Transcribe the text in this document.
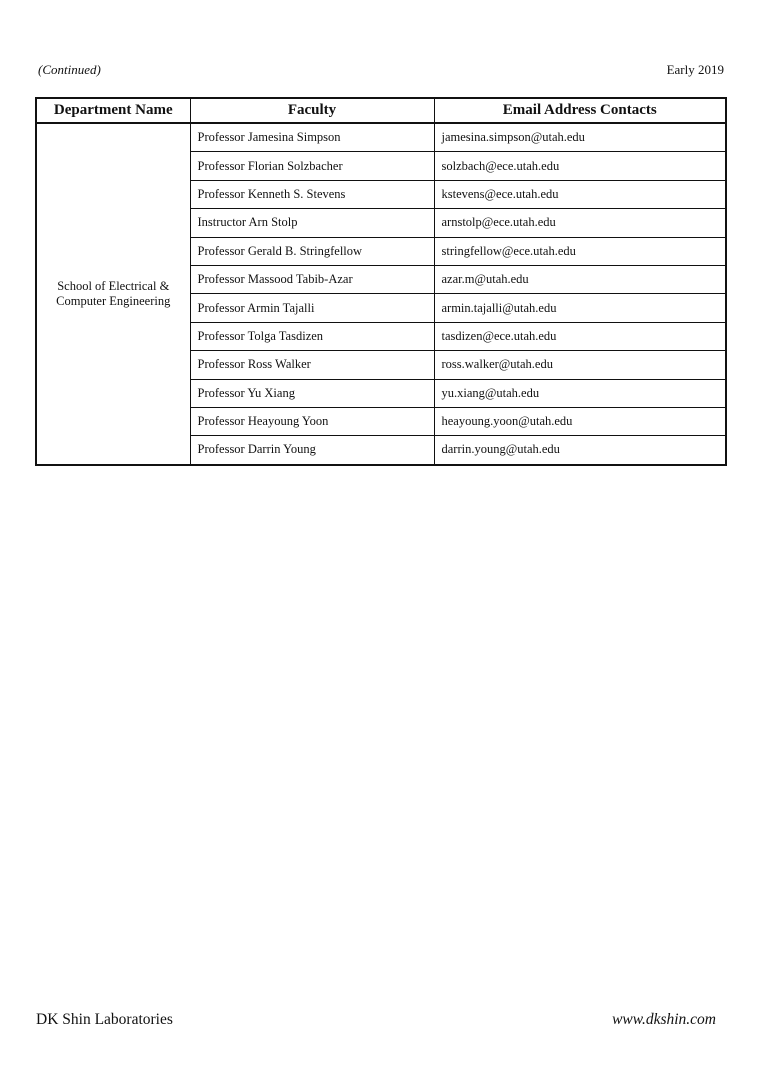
(Continued)	Early 2019
Department Name	Faculty	Email Address Contacts
School of Electrical & Computer Engineering	Professor Jamesina Simpson	jamesina.simpson@utah.edu
	Professor Florian Solzbacher	solzbach@ece.utah.edu
	Professor Kenneth S. Stevens	kstevens@ece.utah.edu
	Instructor Arn Stolp	arnstolp@ece.utah.edu
	Professor Gerald B. Stringfellow	stringfellow@ece.utah.edu
	Professor Massood Tabib-Azar	azar.m@utah.edu
	Professor Armin Tajalli	armin.tajalli@utah.edu
	Professor Tolga Tasdizen	tasdizen@ece.utah.edu
	Professor Ross Walker	ross.walker@utah.edu
	Professor Yu Xiang	yu.xiang@utah.edu
	Professor Heayoung Yoon	heayoung.yoon@utah.edu
	Professor Darrin Young	darrin.young@utah.edu
DK Shin Laboratories	www.dkshin.com
